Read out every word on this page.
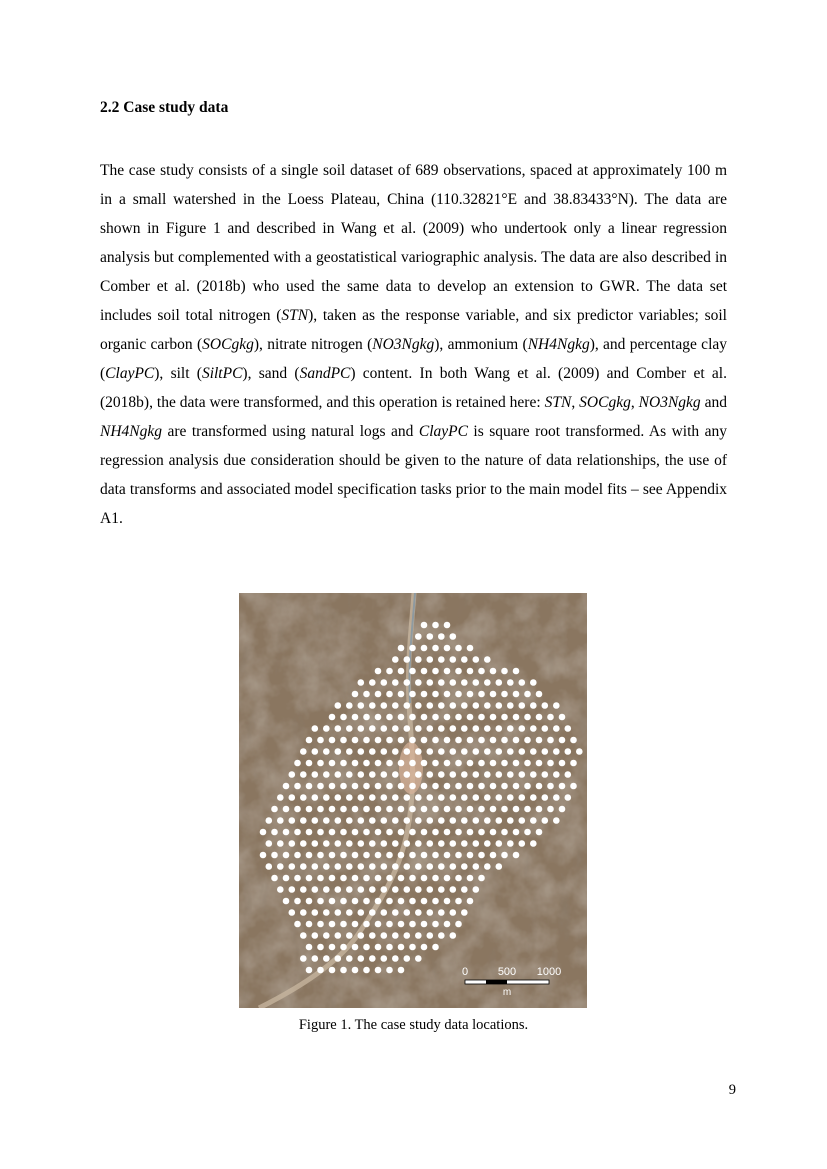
2.2 Case study data

The case study consists of a single soil dataset of 689 observations, spaced at approximately 100 m in a small watershed in the Loess Plateau, China (110.32821°E and 38.83433°N). The data are shown in Figure 1 and described in Wang et al. (2009) who undertook only a linear regression analysis but complemented with a geostatistical variographic analysis. The data are also described in Comber et al. (2018b) who used the same data to develop an extension to GWR. The data set includes soil total nitrogen (STN), taken as the response variable, and six predictor variables; soil organic carbon (SOCgkg), nitrate nitrogen (NO3Ngkg), ammonium (NH4Ngkg), and percentage clay (ClayPC), silt (SiltPC), sand (SandPC) content. In both Wang et al. (2009) and Comber et al. (2018b), the data were transformed, and this operation is retained here: STN, SOCgkg, NO3Ngkg and NH4Ngkg are transformed using natural logs and ClayPC is square root transformed. As with any regression analysis due consideration should be given to the nature of data relationships, the use of data transforms and associated model specification tasks prior to the main model fits – see Appendix A1.

0	500 1000
m

Figure 1. The case study data locations.

9
